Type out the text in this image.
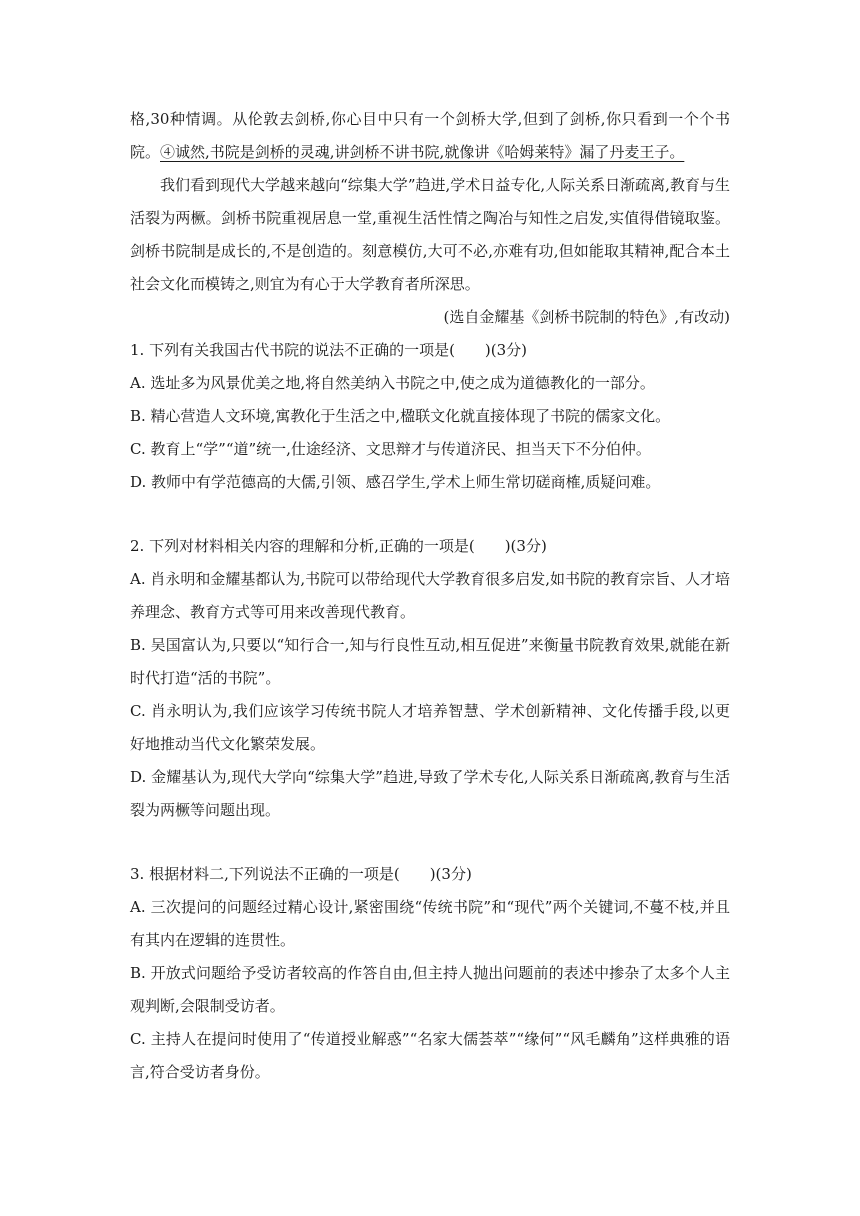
格,30种情调。从伦敦去剑桥,你心目中只有一个剑桥大学,但到了剑桥,你只看到一个个书院。④诚然,书院是剑桥的灵魂,讲剑桥不讲书院,就像讲《哈姆莱特》漏了丹麦王子。

我们看到现代大学越来越向“综集大学”趋进,学术日益专化,人际关系日渐疏离,教育与生活裂为两橛。剑桥书院重视居息一堂,重视生活性情之陶冶与知性之启发,实值得借镜取鉴。剑桥书院制是成长的,不是创造的。刻意模仿,大可不必,亦难有功,但如能取其精神,配合本土社会文化而模铸之,则宜为有心于大学教育者所深思。

(选自金耀基《剑桥书院制的特色》,有改动)

1. 下列有关我国古代书院的说法不正确的一项是(　　)(3分)

A. 选址多为风景优美之地,将自然美纳入书院之中,使之成为道德教化的一部分。

B. 精心营造人文环境,寓教化于生活之中,楹联文化就直接体现了书院的儒家文化。

C. 教育上“学”“道”统一,仕途经济、文思辩才与传道济民、担当天下不分伯仲。

D. 教师中有学范德高的大儒,引领、感召学生,学术上师生常切磋商榷,质疑问难。

2. 下列对材料相关内容的理解和分析,正确的一项是(　　)(3分)

A. 肖永明和金耀基都认为,书院可以带给现代大学教育很多启发,如书院的教育宗旨、人才培养理念、教育方式等可用来改善现代教育。

B. 吴国富认为,只要以“知行合一,知与行良性互动,相互促进”来衡量书院教育效果,就能在新时代打造“活的书院”。

C. 肖永明认为,我们应该学习传统书院人才培养智慧、学术创新精神、文化传播手段,以更好地推动当代文化繁荣发展。

D. 金耀基认为,现代大学向“综集大学”趋进,导致了学术专化,人际关系日渐疏离,教育与生活裂为两橛等问题出现。

3. 根据材料二,下列说法不正确的一项是(　　)(3分)

A. 三次提问的问题经过精心设计,紧密围绕“传统书院”和“现代”两个关键词,不蔓不枝,并且有其内在逻辑的连贯性。

B. 开放式问题给予受访者较高的作答自由,但主持人抛出问题前的表述中掺杂了太多个人主观判断,会限制受访者。

C. 主持人在提问时使用了“传道授业解惑”“名家大儒荟萃”“缘何”“风毛麟角”这样典雅的语言,符合受访者身份。
